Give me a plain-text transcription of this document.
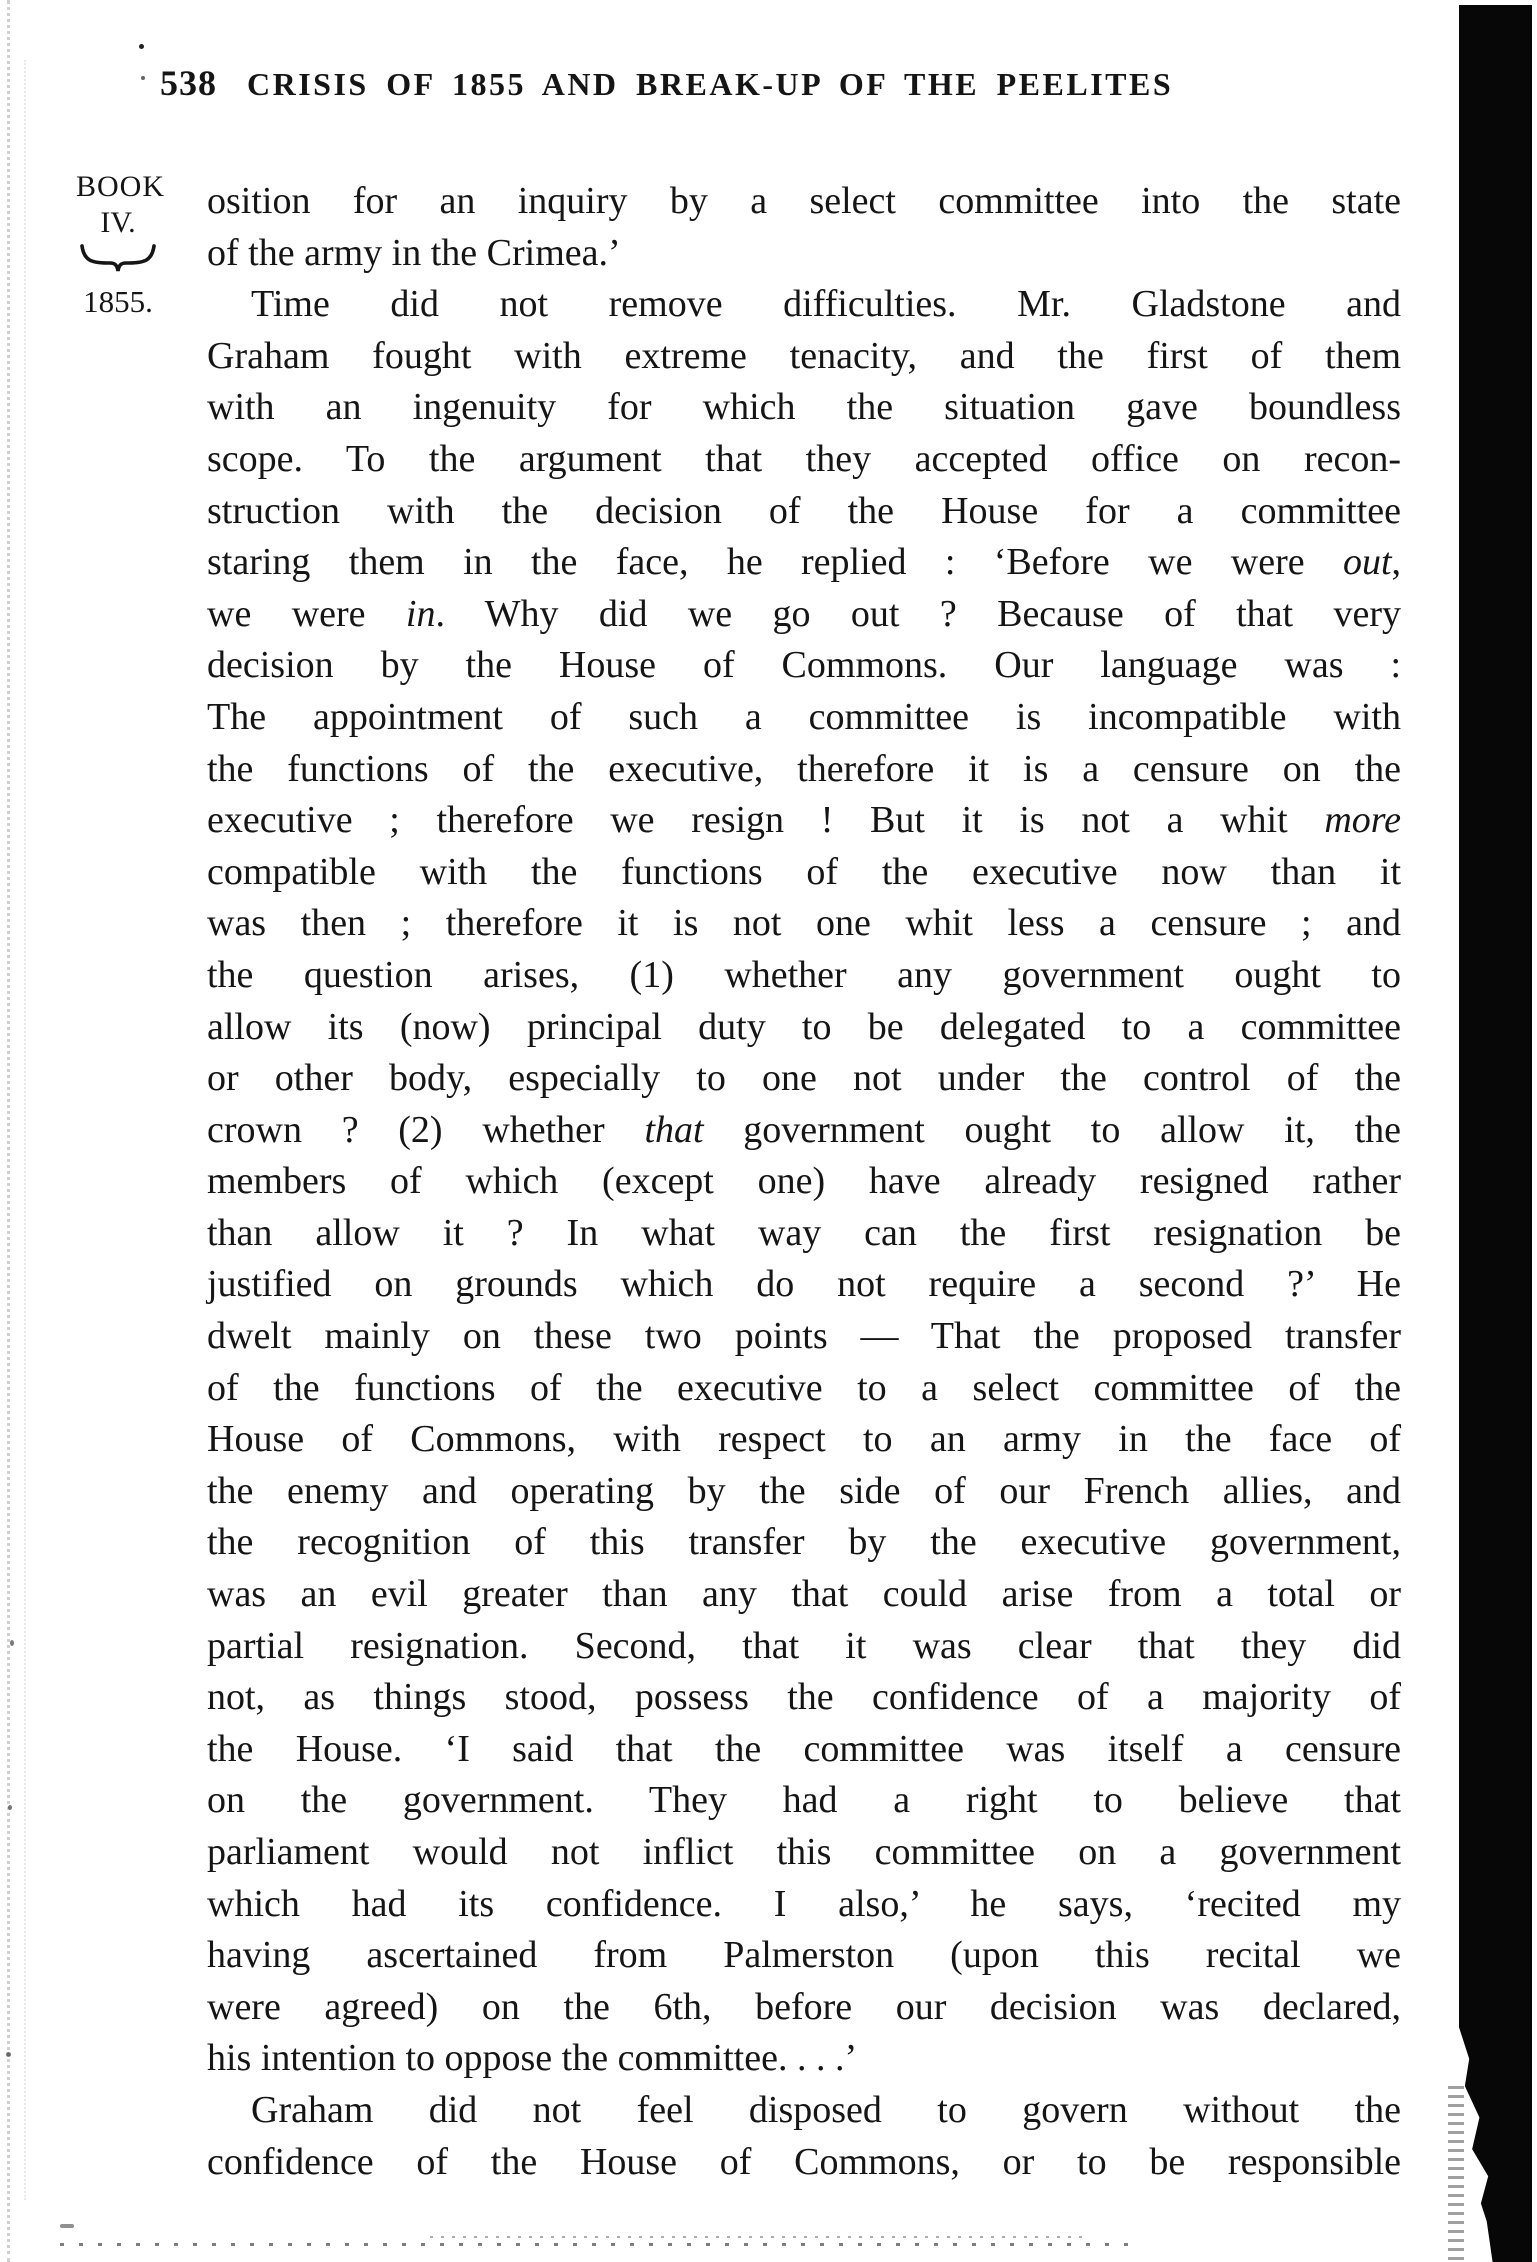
538 CRISIS OF 1855 AND BREAK-UP OF THE PEELITES
BOOK
IV.
1855.
osition for an inquiry by a select committee into the state
of the army in the Crimea.’
Time did not remove difficulties. Mr. Gladstone and
Graham fought with extreme tenacity, and the first of them
with an ingenuity for which the situation gave boundless
scope. To the argument that they accepted office on recon-
struction with the decision of the House for a committee
staring them in the face, he replied : ‘Before we were out,
we were in. Why did we go out ? Because of that very
decision by the House of Commons. Our language was :
The appointment of such a committee is incompatible with
the functions of the executive, therefore it is a censure on the
executive ; therefore we resign ! But it is not a whit more
compatible with the functions of the executive now than it
was then ; therefore it is not one whit less a censure ; and
the question arises, (1) whether any government ought to
allow its (now) principal duty to be delegated to a committee
or other body, especially to one not under the control of the
crown ? (2) whether that government ought to allow it, the
members of which (except one) have already resigned rather
than allow it ? In what way can the first resignation be
justified on grounds which do not require a second ?’ He
dwelt mainly on these two points — That the proposed transfer
of the functions of the executive to a select committee of the
House of Commons, with respect to an army in the face of
the enemy and operating by the side of our French allies, and
the recognition of this transfer by the executive government,
was an evil greater than any that could arise from a total or
partial resignation. Second, that it was clear that they did
not, as things stood, possess the confidence of a majority of
the House. ‘I said that the committee was itself a censure
on the government. They had a right to believe that
parliament would not inflict this committee on a government
which had its confidence. I also,’ he says, ‘recited my
having ascertained from Palmerston (upon this recital we
were agreed) on the 6th, before our decision was declared,
his intention to oppose the committee. . . .’
Graham did not feel disposed to govern without the
confidence of the House of Commons, or to be responsible
